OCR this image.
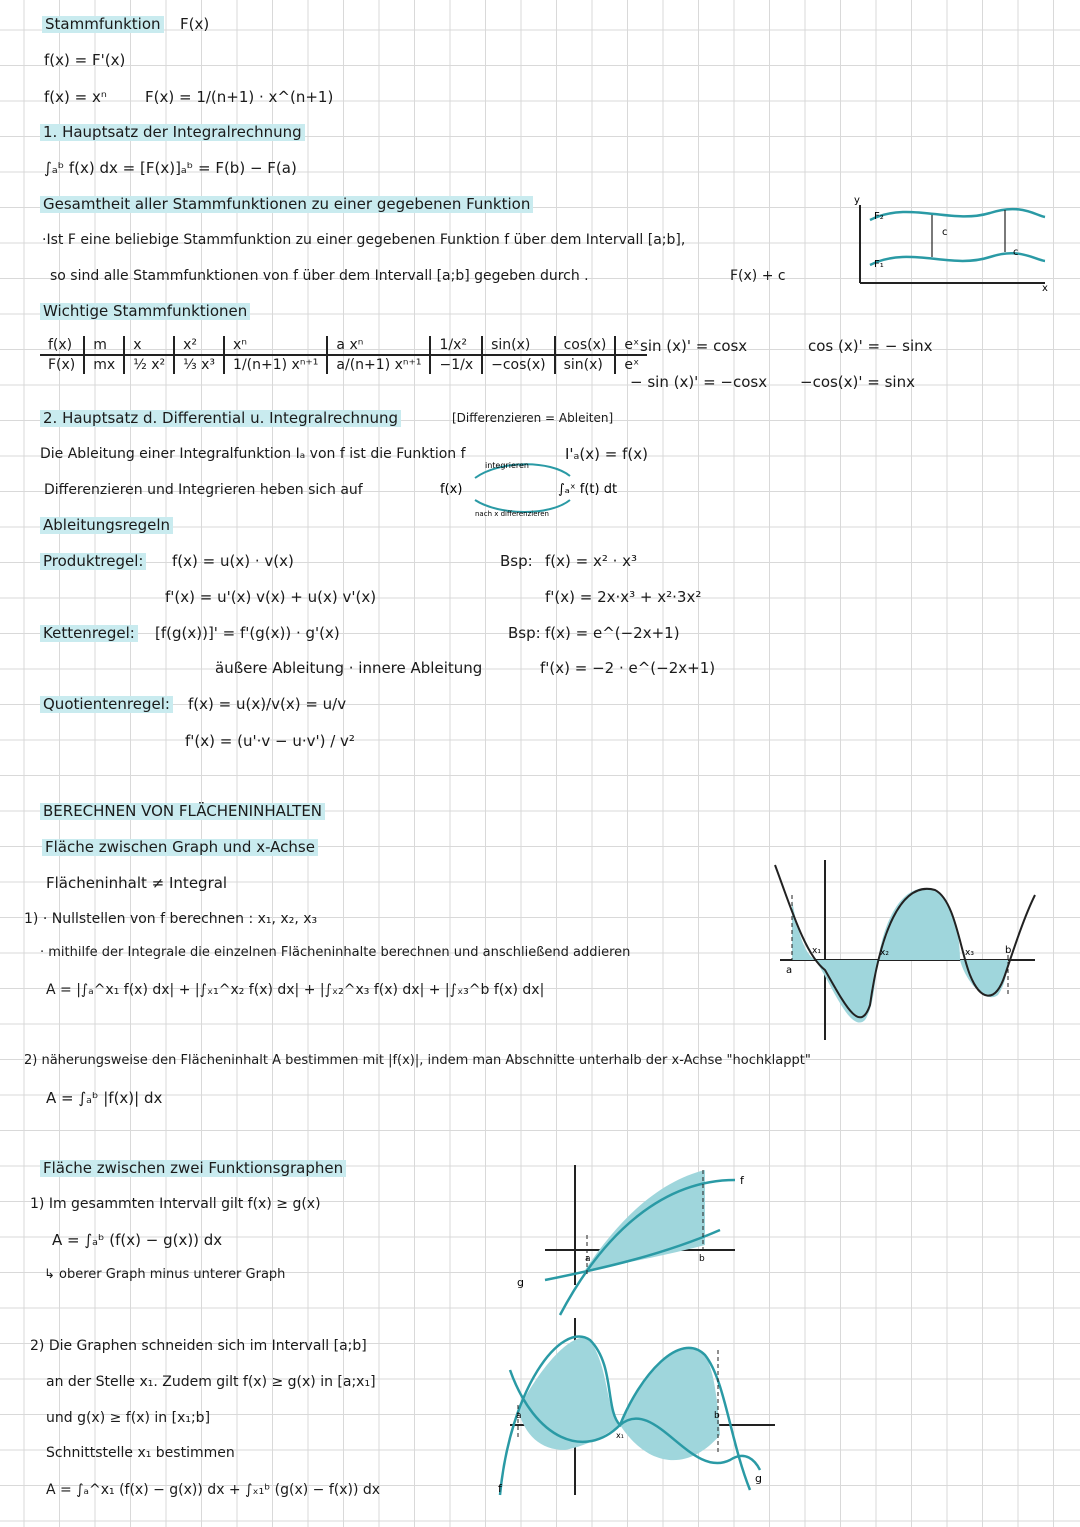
Stammfunktion F(x)
f(x) = F'(x)
f(x) = xⁿ	F(x) = 1/(n+1) · x^(n+1)
1. Hauptsatz der Integralrechnung
∫ₐᵇ f(x) dx = [F(x)]ₐᵇ = F(b) − F(a)
Gesamtheit aller Stammfunktionen zu einer gegebenen Funktion
·Ist F eine beliebige Stammfunktion zu einer gegebenen Funktion f über dem Intervall [a;b],
so sind alle Stammfunktionen von f über dem Intervall [a;b] gegeben durch .	F(x) + c
y
F₂
F₁
c
c
x
Wichtige Stammfunktionen
f(x)	m	x	x²	xⁿ	a xⁿ	1/x²	sin(x)	cos(x)	eˣ
F(x)	mx	½ x²	⅓ x³	1/(n+1) xⁿ⁺¹	a/(n+1) xⁿ⁺¹	−1/x	−cos(x)	sin(x)	eˣ
sin (x)' = cosx
− sin (x)' = −cosx
cos (x)' = − sinx
−cos(x)' = sinx
2. Hauptsatz d. Differential u. Integralrechnung	[Differenzieren = Ableiten]
Die Ableitung einer Integralfunktion Iₐ von f ist die Funktion f	I'ₐ(x) = f(x)
Differenzieren und Integrieren heben sich auf
integrieren
nach x differenzieren
f(x)	∫ₐˣ f(t) dt
Ableitungsregeln
Produktregel: f(x) = u(x) · v(x)
f'(x) = u'(x) v(x) + u(x) v'(x)
Kettenregel: [f(g(x))]' = f'(g(x)) · g'(x)
äußere Ableitung · innere Ableitung
Quotientenregel: f(x) = u(x)/v(x) = u/v
f'(x) = (u'·v − u·v') / v²
Bsp: f(x) = x² · x³
f'(x) = 2x·x³ + x²·3x²
Bsp: f(x) = e^(−2x+1)
f'(x) = −2 · e^(−2x+1)
BERECHNEN VON FLÄCHENINHALTEN
Fläche zwischen Graph und x-Achse
Flächeninhalt ≠ Integral
1) · Nullstellen von f berechnen : x₁, x₂, x₃
· mithilfe der Integrale die einzelnen Flächeninhalte berechnen und anschließend addieren
A = |∫ₐ^x₁ f(x) dx| + |∫ₓ₁^x₂ f(x) dx| + |∫ₓ₂^x₃ f(x) dx| + |∫ₓ₃^b f(x) dx|
2) näherungsweise den Flächeninhalt A bestimmen mit |f(x)|, indem man Abschnitte unterhalb der x-Achse "hochklappt"
A = ∫ₐᵇ |f(x)| dx
a
x₁	x₂	x₃	b
Fläche zwischen zwei Funktionsgraphen
1) Im gesammten Intervall gilt f(x) ≥ g(x)
A = ∫ₐᵇ (f(x) − g(x)) dx
↳ oberer Graph minus unterer Graph
f
g
a	b
2) Die Graphen schneiden sich im Intervall [a;b]
an der Stelle x₁. Zudem gilt f(x) ≥ g(x) in [a;x₁]
und g(x) ≥ f(x) in [x₁;b]
Schnittstelle x₁ bestimmen
A = ∫ₐ^x₁ (f(x) − g(x)) dx + ∫ₓ₁ᵇ (g(x) − f(x)) dx	f
g
a
x₁
b
